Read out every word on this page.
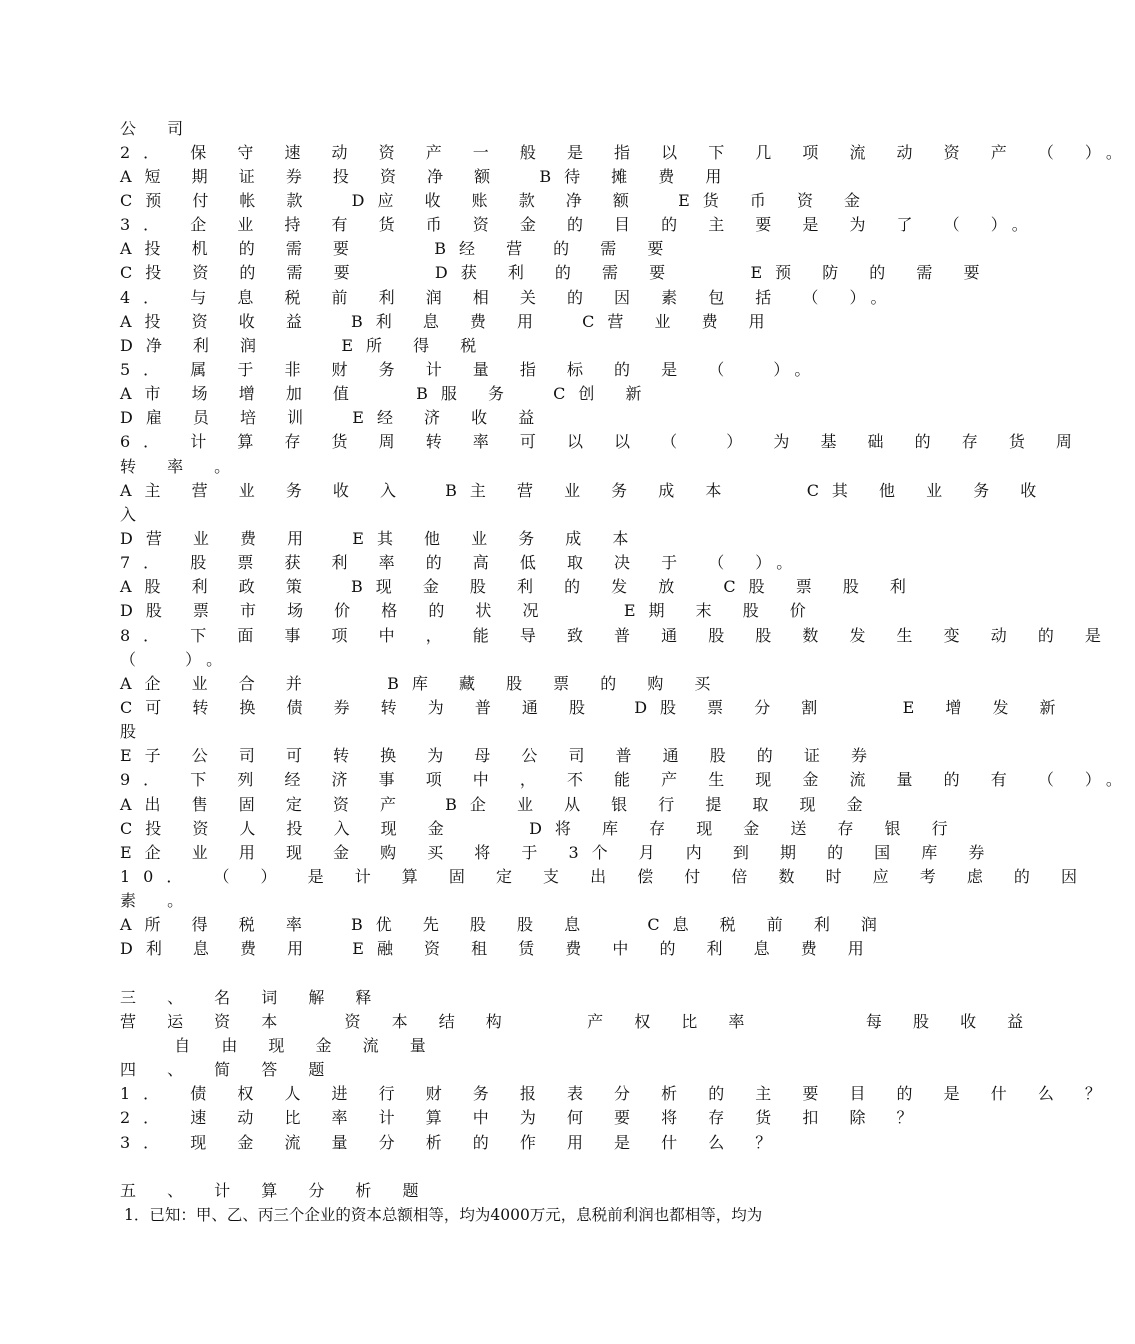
公 司

2． 保 守 速 动 资 产 一 般 是 指 以 下 几 项 流 动 资 产 （ ）。

A短 期 证 券 投 资 净 额  B待 摊 费 用

C预 付 帐 款  D应 收 账 款 净 额  E货 币 资 金

3． 企 业 持 有 货 币 资 金 的 目 的 主 要 是 为 了 （ ）。

A投 机 的 需 要    B经 营 的 需 要

C投 资 的 需 要    D获 利 的 需 要    E预 防 的 需 要

4． 与 息 税 前 利 润 相 关 的 因 素 包 括 （ ）。

A投 资 收 益  B利 息 费 用  C营 业 费 用

D净 利 润    E所 得 税

5． 属 于 非 财 务 计 量 指 标 的 是 （  ）。

A市 场 增 加 值   B服 务  C创 新

D雇 员 培 训  E经 济 收 益

6． 计 算 存 货 周 转 率 可 以 以 （  ） 为 基 础 的 存 货 周

转 率 。

A主 营 业 务 收 入  B主 营 业 务 成 本    C其 他 业 务 收

入

D营 业 费 用  E其 他 业 务 成 本

7． 股 票 获 利 率 的 高 低 取 决 于 （ ）。

A股 利 政 策  B现 金 股 利 的 发 放  C股 票 股 利

D股 票 市 场 价 格 的 状 况    E期 末 股 价

8． 下 面 事 项 中 ， 能 导 致 普 通 股 股 数 发 生 变 动 的 是

（  ）。

A企 业 合 并    B库 藏 股 票 的 购 买

C可 转 换 债 券 转 为 普 通 股  D股 票 分 割    E 增 发 新

股

E子 公 司 可 转 换 为 母 公 司 普 通 股 的 证 券

9． 下 列 经 济 事 项 中 ， 不 能 产 生 现 金 流 量 的 有 （ ）。

A出 售 固 定 资 产  B企 业 从 银 行 提 取 现 金

C投 资 人 投 入 现 金    D将 库 存 现 金 送 存 银 行

E企 业 用 现 金 购 买 将 于 3个 月 内 到 期 的 国 库 券

10． （ ） 是 计 算 固 定 支 出 偿 付 倍 数 时 应 考 虑 的 因

素 。

A所 得 税 率  B优 先 股 股 息   C息 税 前 利 润

D利 息 费 用  E融 资 租 赁 费 中 的 利 息 费 用

三 、 名 词 解 释

营 运 资 本   资 本 结 构    产 权 比 率      每 股 收 益

自 由 现 金 流 量

四 、 简 答 题

1． 债 权 人 进 行 财 务 报 表 分 析 的 主 要 目 的 是 什 么 ？

2． 速 动 比 率 计 算 中 为 何 要 将 存 货 扣 除 ？

3． 现 金 流 量 分 析 的 作 用 是 什 么 ？

五 、 计 算 分 析 题

1．已知：甲、乙、丙三个企业的资本总额相等，均为4000万元，息税前利润也都相等，均为
